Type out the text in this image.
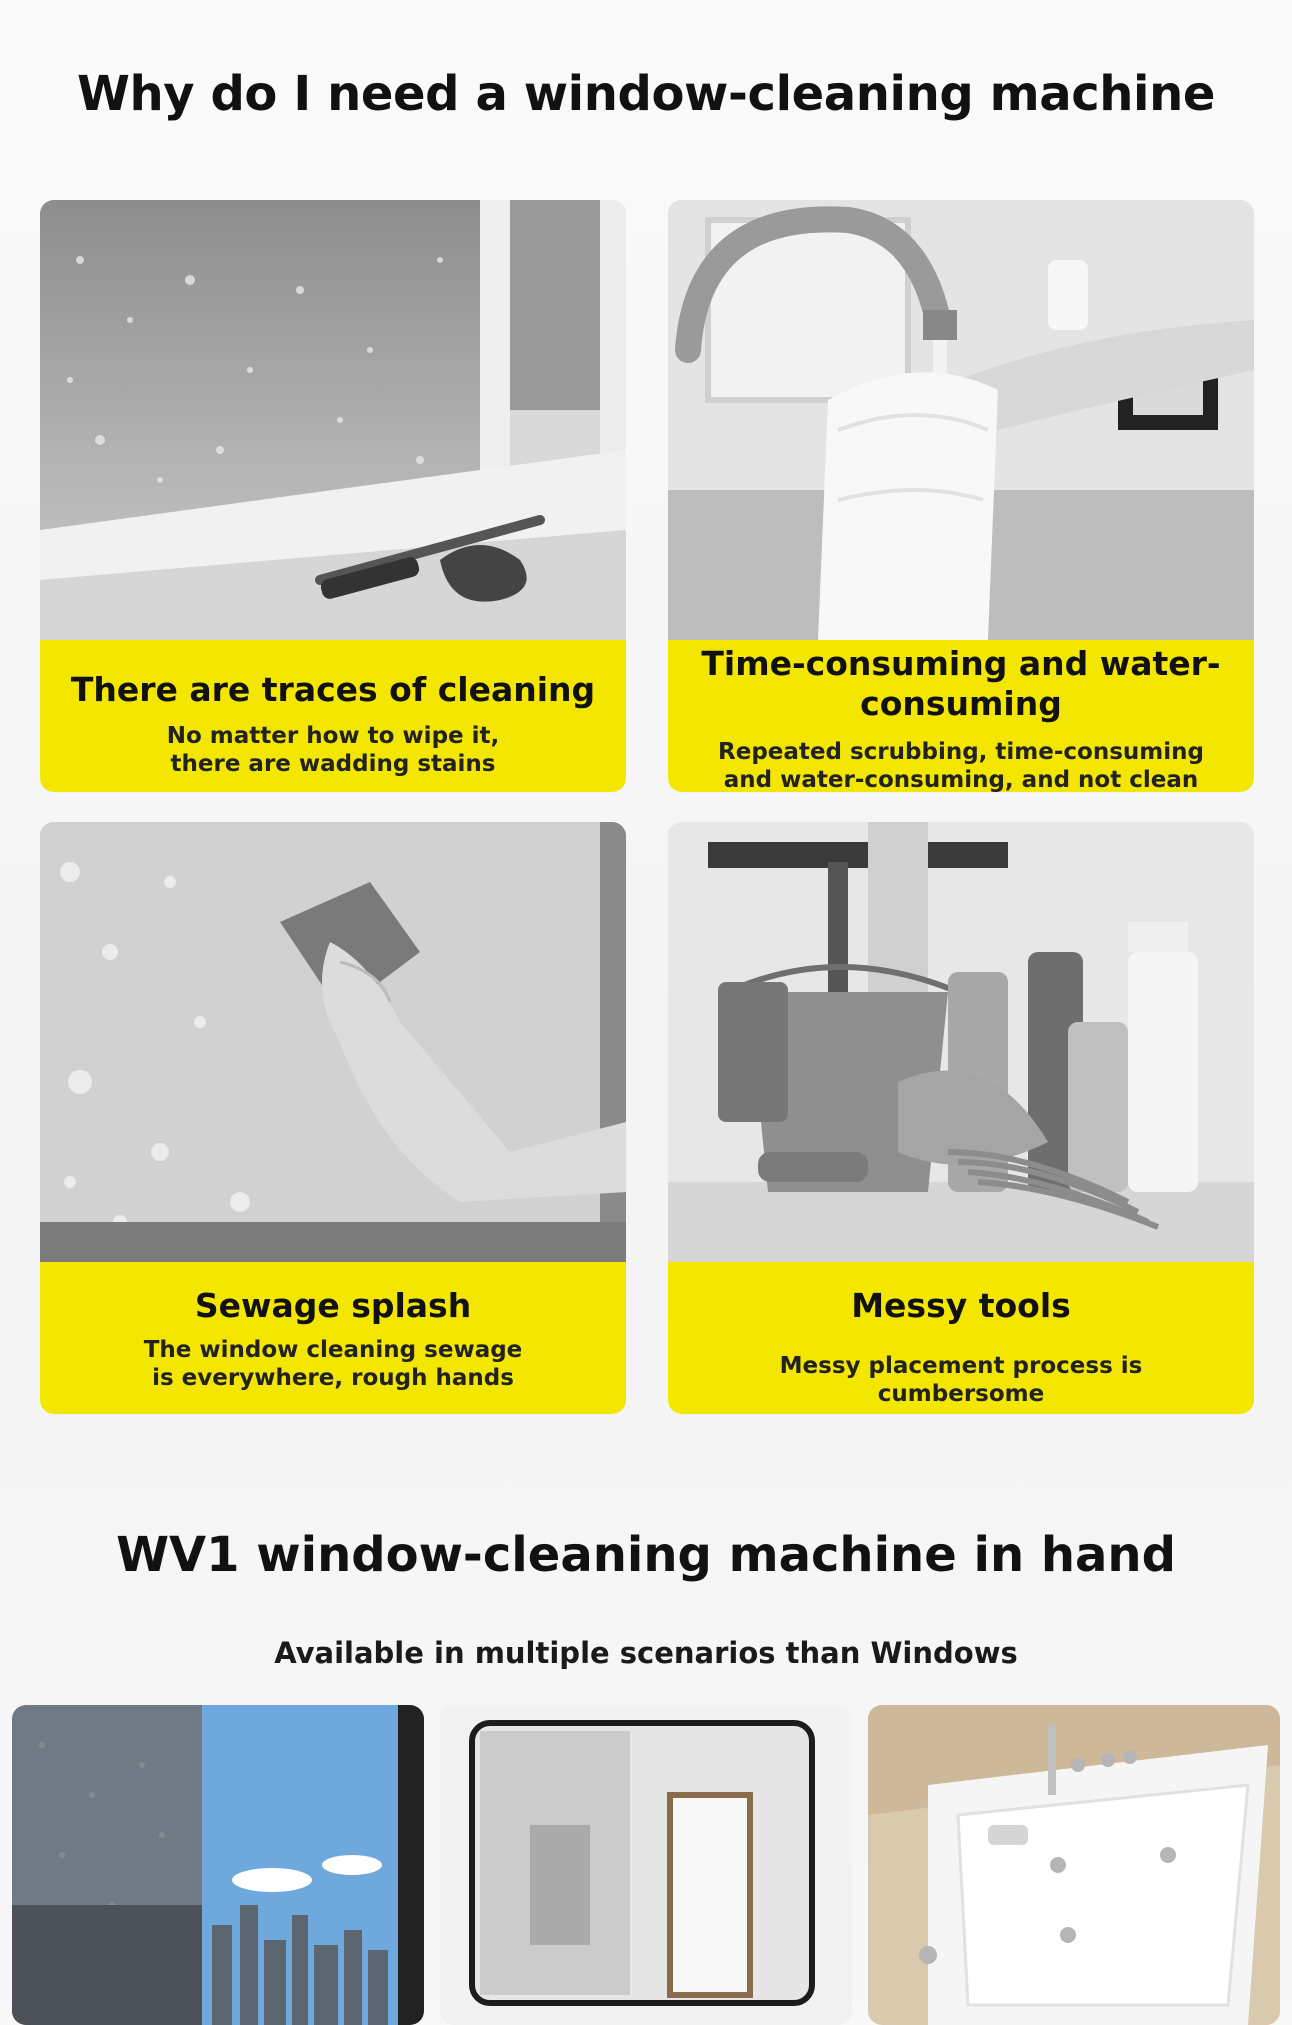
Why do I need a window-cleaning machine
There are traces of cleaning
No matter how to wipe it, there are wadding stains
Time-consuming and water-consuming
Repeated scrubbing, time-consuming and water-consuming, and not clean
Sewage splash
The window cleaning sewage is everywhere, rough hands
Messy tools
Messy placement process is cumbersome
WV1 window-cleaning machine in hand
Available in multiple scenarios than Windows
